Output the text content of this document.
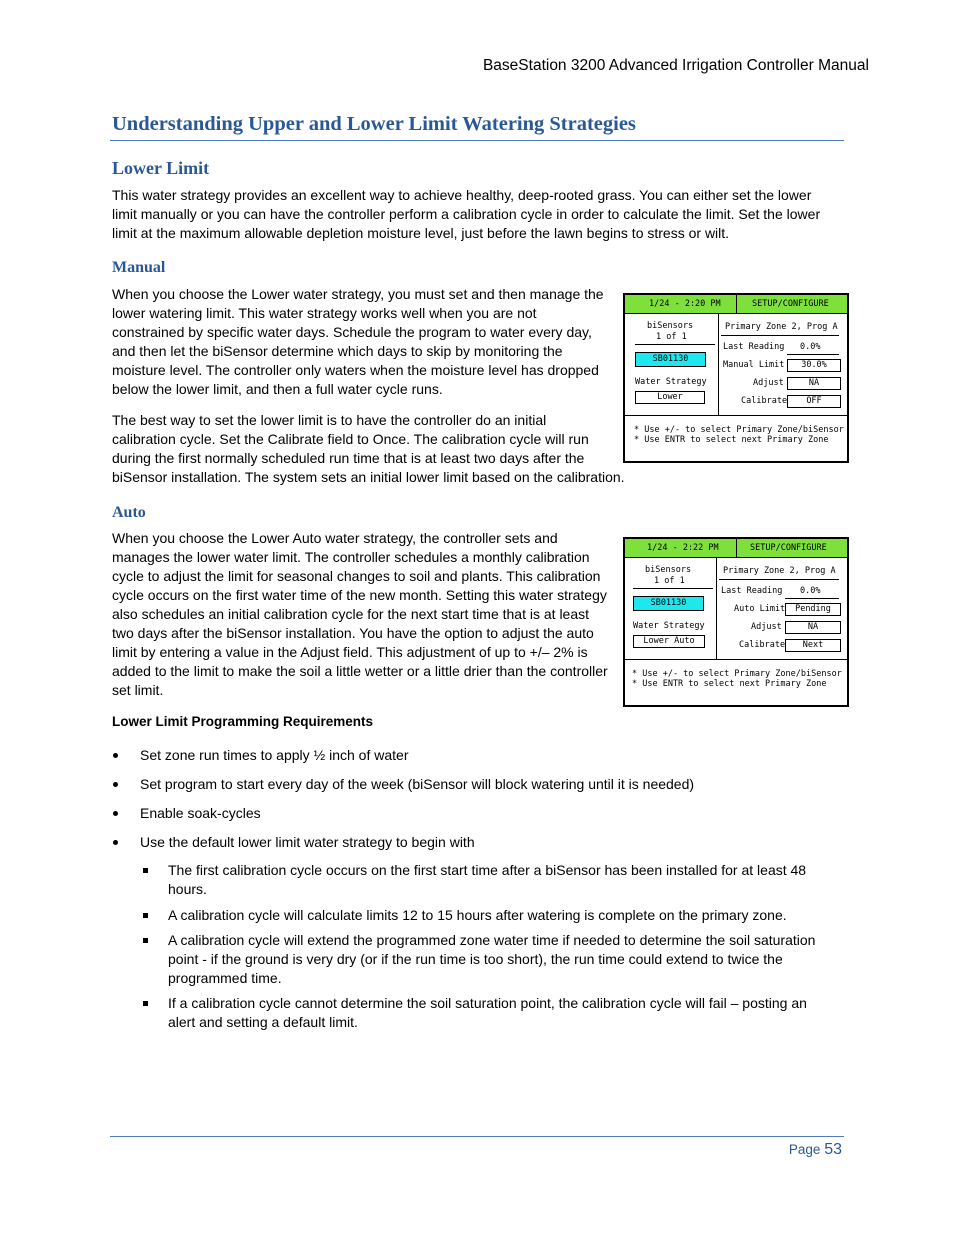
BaseStation 3200 Advanced Irrigation Controller Manual
Understanding Upper and Lower Limit Watering Strategies
Lower Limit

This water strategy provides an excellent way to achieve healthy, deep-rooted grass. You can either set the lower limit manually or you can have the controller perform a calibration cycle in order to calculate the limit. Set the lower limit at the maximum allowable depletion moisture level, just before the lawn begins to stress or wilt.

Manual

When you choose the Lower water strategy, you must set and then manage the lower watering limit. This water strategy works well when you are not constrained by specific water days. Schedule the program to water every day, and then let the biSensor determine which days to skip by monitoring the moisture level. The controller only waters when the moisture level has dropped below the lower limit, and then a full water cycle runs.

The best way to set the lower limit is to have the controller do an initial calibration cycle. Set the Calibrate field to Once. The calibration cycle will run during the first normally scheduled run time that is at least two days after the

biSensor installation. The system sets an initial lower limit based on the calibration.

1/24 - 2:20 PM	SETUP/CONFIGURE
biSensors
1 of 1
SB01130
Water Strategy
Lower
Primary Zone 2, Prog A
Last Reading 0.0%
Manual Limit	30.0%
Adjust	NA
Calibrate	OFF
* Use +/- to select Primary Zone/biSensor
* Use ENTR to select next Primary Zone
Auto

When you choose the Lower Auto water strategy, the controller sets and manages the lower water limit. The controller schedules a monthly calibration cycle to adjust the limit for seasonal changes to soil and plants. This calibration cycle occurs on the first water time of the new month. Setting this water strategy also schedules an initial calibration cycle for the next start time that is at least two days after the biSensor installation. You have the option to adjust the auto limit by entering a value in the Adjust field. This adjustment of up to +/– 2% is added to the limit to make the soil a little wetter or a little drier than the controller set limit.

1/24 - 2:22 PM	SETUP/CONFIGURE
biSensors
1 of 1
SB01130
Water Strategy
Lower Auto
Primary Zone 2, Prog A
Last Reading 0.0%
Auto Limit	Pending
Adjust	NA
Calibrate	Next
* Use +/- to select Primary Zone/biSensor
* Use ENTR to select next Primary Zone
Lower Limit Programming Requirements
Set zone run times to apply ½ inch of water
Set program to start every day of the week (biSensor will block watering until it is needed)
Enable soak-cycles
Use the default lower limit water strategy to begin with
The first calibration cycle occurs on the first start time after a biSensor has been installed for at least 48 hours.
A calibration cycle will calculate limits 12 to 15 hours after watering is complete on the primary zone.
A calibration cycle will extend the programmed zone water time if needed to determine the soil saturation point - if the ground is very dry (or if the run time is too short), the run time could extend to twice the programmed time.
If a calibration cycle cannot determine the soil saturation point, the calibration cycle will fail – posting an alert and setting a default limit.
Page 53
